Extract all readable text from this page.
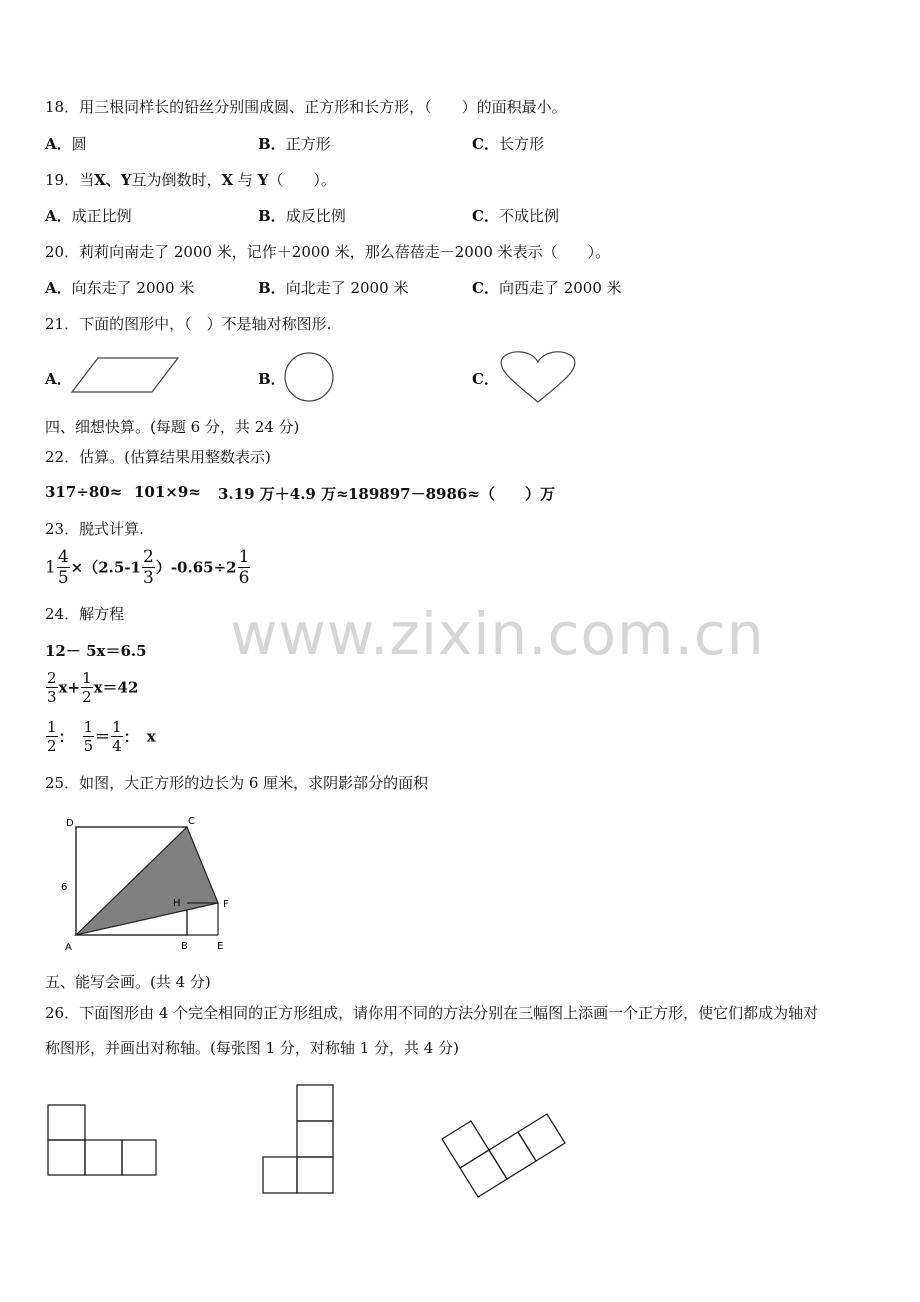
www.zixin.com.cn
18．用三根同样长的铅丝分别围成圆、正方形和长方形，（　　）的面积最小。
A．圆	B．正方形	C．长方形
19．当X、Y互为倒数时，X 与 Y（　　）。
A．成正比例	B．成反比例	C．不成比例
20．莉莉向南走了 2000 米，记作＋2000 米，那么蓓蓓走－2000 米表示（　　）。
A．向东走了 2000 米	B．向北走了 2000 米	C．向西走了 2000 米
21．下面的图形中，（　）不是轴对称图形.
A．	B．	C．
四、细想快算。(每题 6 分，共 24 分)
22．估算。(估算结果用整数表示)
317÷80≈ 101×9≈ 3.19 万＋4.9 万≈ 189897－8986≈（　　）万
23．脱式计算.
$1 \frac{4}{5} \times(2.5-1 \frac{2}{3} )-0.65\div 2 \frac{1}{6}$
24．解方程
12－ 5x＝6.5
$\frac{2}{3} x+ \frac{1}{2} x=42$
$\frac{1}{2}$ ： $\frac{1}{5} = \frac{1}{4}$ ： x
25．如图，大正方形的边长为 6 厘米，求阴影部分的面积
D	C
H	F
A	B	E
6
五、能写会画。(共 4 分)
26．下面图形由 4 个完全相同的正方形组成，请你用不同的方法分别在三幅图上添画一个正方形，使它们都成为轴对
称图形，并画出对称轴。(每张图 1 分，对称轴 1 分，共 4 分)
